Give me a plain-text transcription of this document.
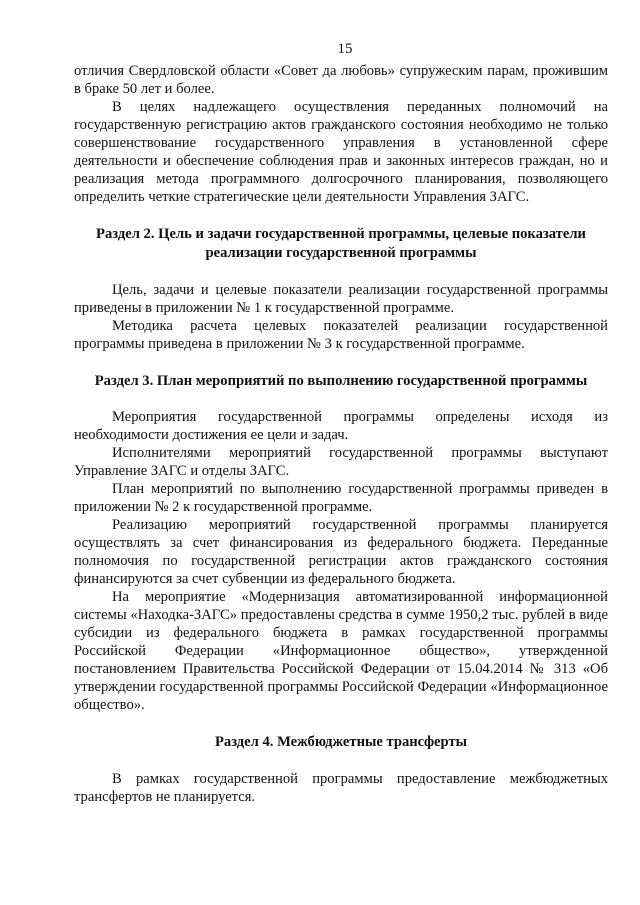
15

отличия Свердловской области «Совет да любовь» супружеским парам, прожившим в браке 50 лет и более.

В целях надлежащего осуществления переданных полномочий на государственную регистрацию актов гражданского состояния необходимо не только совершенствование государственного управления в установленной сфере деятельности и обеспечение соблюдения прав и законных интересов граждан, но и реализация метода программного долгосрочного планирования, позволяющего определить четкие стратегические цели деятельности Управления ЗАГС.

Раздел 2. Цель и задачи государственной программы, целевые показатели реализации государственной программы

Цель, задачи и целевые показатели реализации государственной программы приведены в приложении № 1 к государственной программе.

Методика расчета целевых показателей реализации государственной программы приведена в приложении № 3 к государственной программе.

Раздел 3. План мероприятий по выполнению государственной программы

Мероприятия государственной программы определены исходя из необходимости достижения ее цели и задач.

Исполнителями мероприятий государственной программы выступают Управление ЗАГС и отделы ЗАГС.

План мероприятий по выполнению государственной программы приведен в приложении № 2 к государственной программе.

Реализацию мероприятий государственной программы планируется осуществлять за счет финансирования из федерального бюджета. Переданные полномочия по государственной регистрации актов гражданского состояния финансируются за счет субвенции из федерального бюджета.

На мероприятие «Модернизация автоматизированной информационной системы «Находка-ЗАГС» предоставлены средства в сумме 1950,2 тыс. рублей в виде субсидии из федерального бюджета в рамках государственной программы Российской Федерации «Информационное общество», утвержденной постановлением Правительства Российской Федерации от 15.04.2014 № 313 «Об утверждении государственной программы Российской Федерации «Информационное общество».

Раздел 4. Межбюджетные трансферты

В рамках государственной программы предоставление межбюджетных трансфертов не планируется.
